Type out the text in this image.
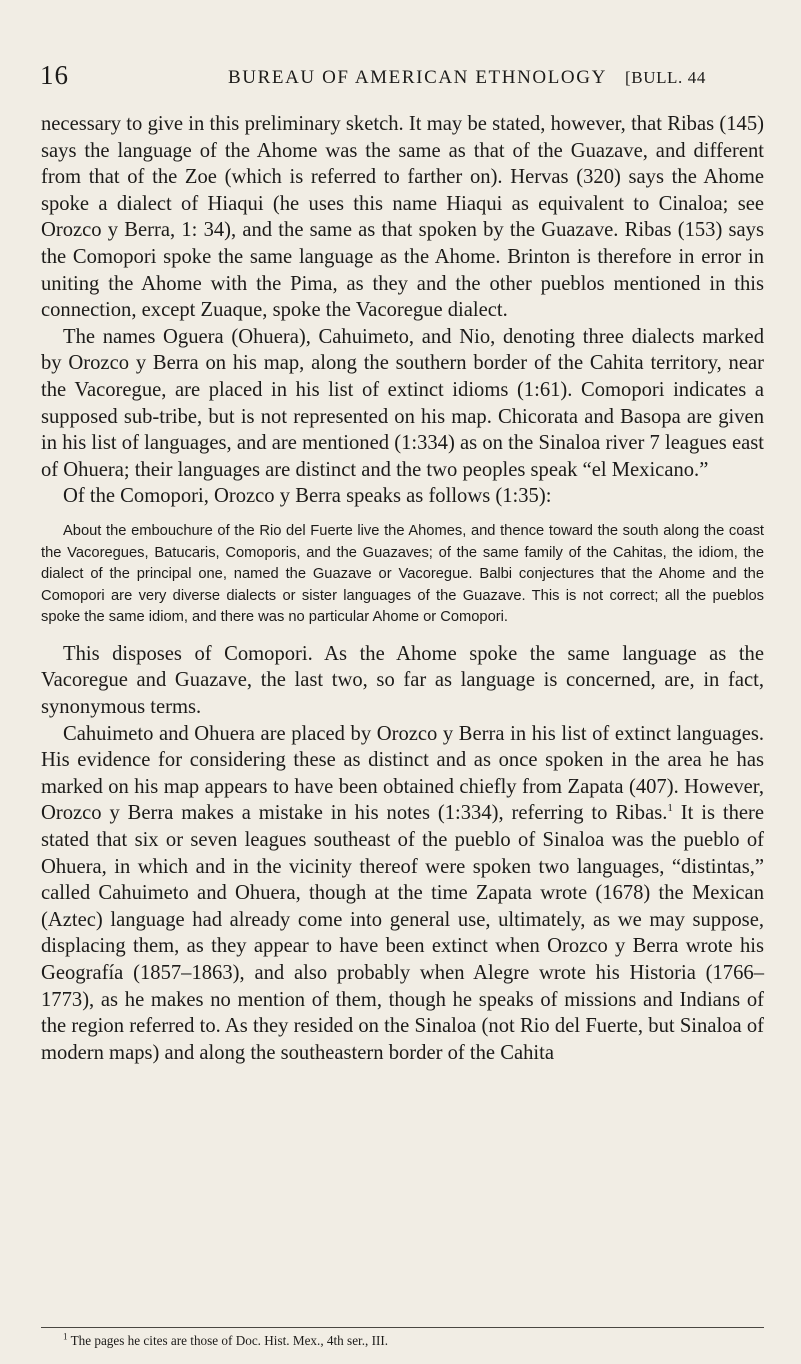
16	BUREAU OF AMERICAN ETHNOLOGY [BULL. 44

necessary to give in this preliminary sketch. It may be stated, however, that Ribas (145) says the language of the Ahome was the same as that of the Guazave, and different from that of the Zoe (which is referred to farther on). Hervas (320) says the Ahome spoke a dialect of Hiaqui (he uses this name Hiaqui as equivalent to Cinaloa; see Orozco y Berra, 1: 34), and the same as that spoken by the Guazave. Ribas (153) says the Comopori spoke the same language as the Ahome. Brinton is therefore in error in uniting the Ahome with the Pima, as they and the other pueblos mentioned in this connection, except Zuaque, spoke the Vacoregue dialect.

The names Oguera (Ohuera), Cahuimeto, and Nio, denoting three dialects marked by Orozco y Berra on his map, along the southern border of the Cahita territory, near the Vacoregue, are placed in his list of extinct idioms (1:61). Comopori indicates a supposed sub-tribe, but is not represented on his map. Chicorata and Basopa are given in his list of languages, and are mentioned (1:334) as on the Sinaloa river 7 leagues east of Ohuera; their languages are distinct and the two peoples speak “el Mexicano.”

Of the Comopori, Orozco y Berra speaks as follows (1:35):

About the embouchure of the Rio del Fuerte live the Ahomes, and thence toward the south along the coast the Vacoregues, Batucaris, Comoporis, and the Guazaves; of the same family of the Cahitas, the idiom, the dialect of the principal one, named the Guazave or Vacoregue. Balbi conjectures that the Ahome and the Comopori are very diverse dialects or sister languages of the Guazave. This is not correct; all the pueblos spoke the same idiom, and there was no particular Ahome or Comopori.

This disposes of Comopori. As the Ahome spoke the same language as the Vacoregue and Guazave, the last two, so far as language is concerned, are, in fact, synonymous terms.

Cahuimeto and Ohuera are placed by Orozco y Berra in his list of extinct languages. His evidence for considering these as distinct and as once spoken in the area he has marked on his map appears to have been obtained chiefly from Zapata (407). However, Orozco y Berra makes a mistake in his notes (1:334), referring to Ribas.$^1$ It is there stated that six or seven leagues southeast of the pueblo of Sinaloa was the pueblo of Ohuera, in which and in the vicinity thereof were spoken two languages, “distintas,” called Cahuimeto and Ohuera, though at the time Zapata wrote (1678) the Mexican (Aztec) language had already come into general use, ultimately, as we may suppose, displacing them, as they appear to have been extinct when Orozco y Berra wrote his Geografía (1857–1863), and also probably when Alegre wrote his Historia (1766–1773), as he makes no mention of them, though he speaks of missions and Indians of the region referred to. As they resided on the Sinaloa (not Rio del Fuerte, but Sinaloa of modern maps) and along the southeastern border of the Cahita

$^1$ The pages he cites are those of Doc. Hist. Mex., 4th ser., III.
